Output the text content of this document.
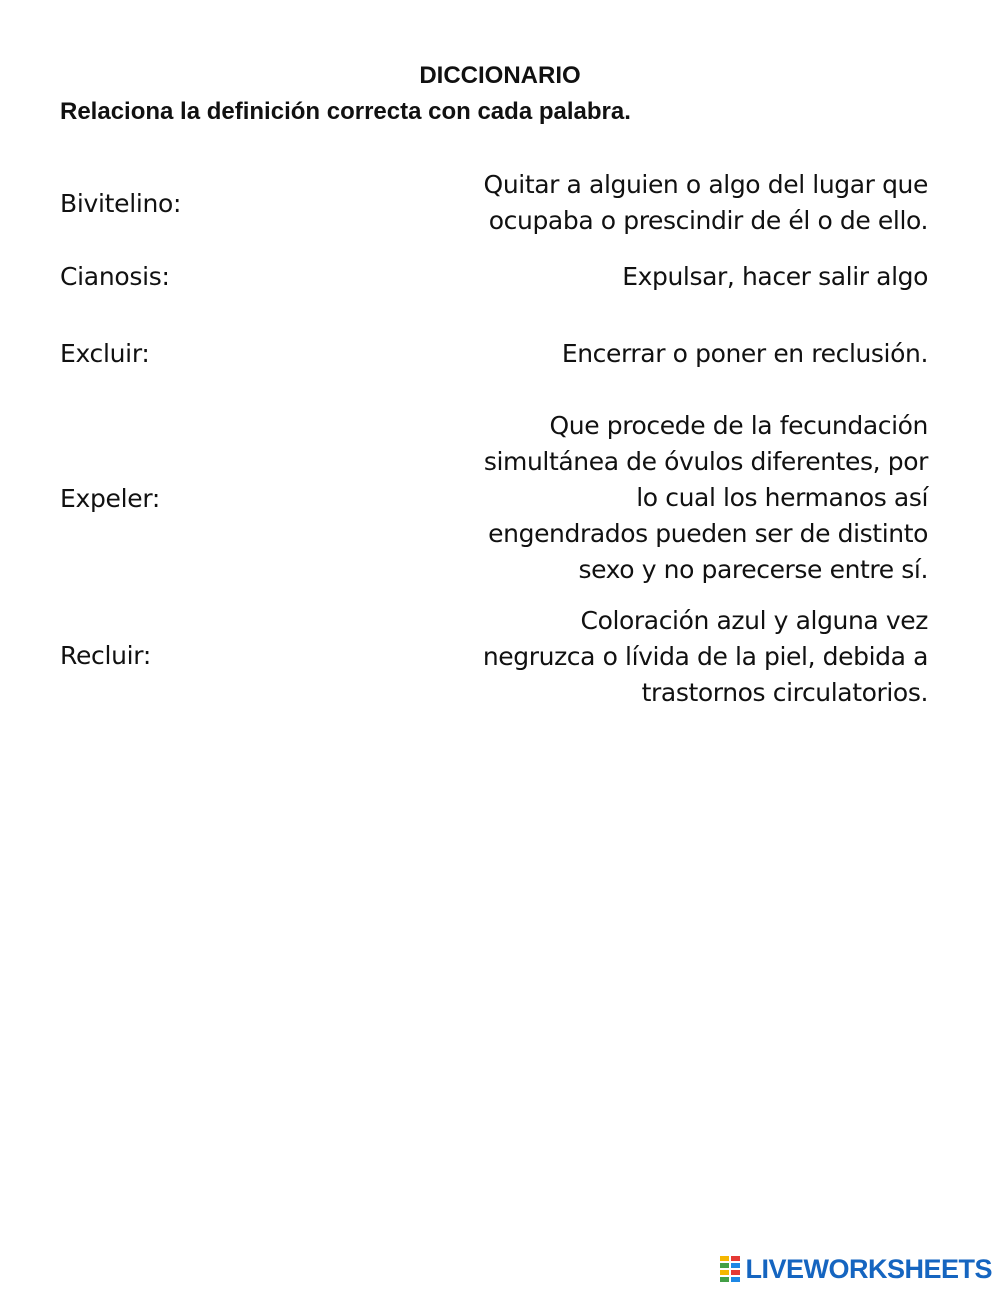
DICCIONARIO
Relaciona la definición correcta con cada palabra.
Bivitelino:
Cianosis:
Excluir:
Expeler:
Recluir:
Quitar a alguien o algo del lugar que
ocupaba o prescindir de él o de ello.
Expulsar, hacer salir algo
Encerrar o poner en reclusión.
Que procede de la fecundación
simultánea de óvulos diferentes, por
lo cual los hermanos así
engendrados pueden ser de distinto
sexo y no parecerse entre sí.
Coloración azul y alguna vez
negruzca o lívida de la piel, debida a
trastornos circulatorios.
LIVEWORKSHEETS
